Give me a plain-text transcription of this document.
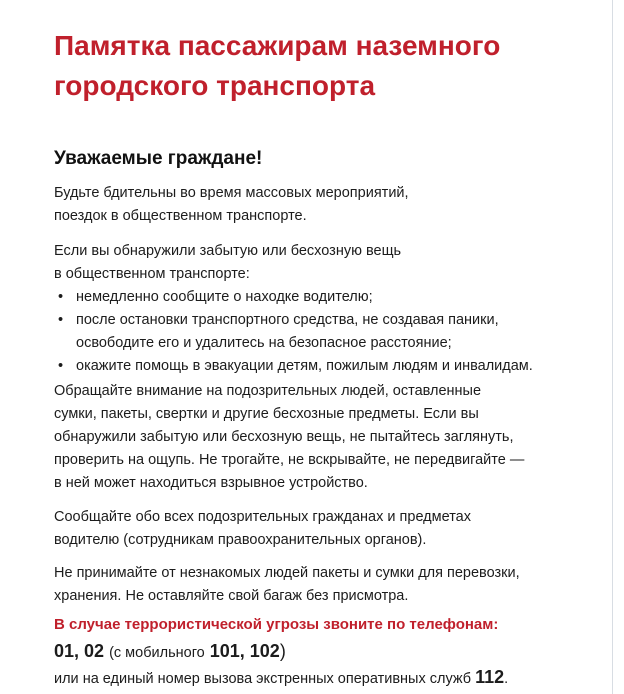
Памятка пассажирам наземного
городского транспорта
Уважаемые граждане!

Будьте бдительны во время массовых мероприятий,
поездок в общественном транспорте.

Если вы обнаружили забытую или бесхозную вещь
в общественном транспорте:

• немедленно сообщите о находке водителю;
• после остановки транспортного средства, не создавая паники,
освободите его и удалитесь на безопасное расстояние;
• окажите помощь в эвакуации детям, пожилым людям и инвалидам.

Обращайте внимание на подозрительных людей, оставленные
сумки, пакеты, свертки и другие бесхозные предметы. Если вы
обнаружили забытую или бесхозную вещь, не пытайтесь заглянуть,
проверить на ощупь. Не трогайте, не вскрывайте, не передвигайте —
в ней может находиться взрывное устройство.

Сообщайте обо всех подозрительных гражданах и предметах
водителю (сотрудникам правоохранительных органов).

Не принимайте от незнакомых людей пакеты и сумки для перевозки,
хранения. Не оставляйте свой багаж без присмотра.

В случае террористической угрозы звоните по телефонам:

01, 02 (с мобильного 101, 102)

или на единый номер вызова экстренных оперативных служб 112.
